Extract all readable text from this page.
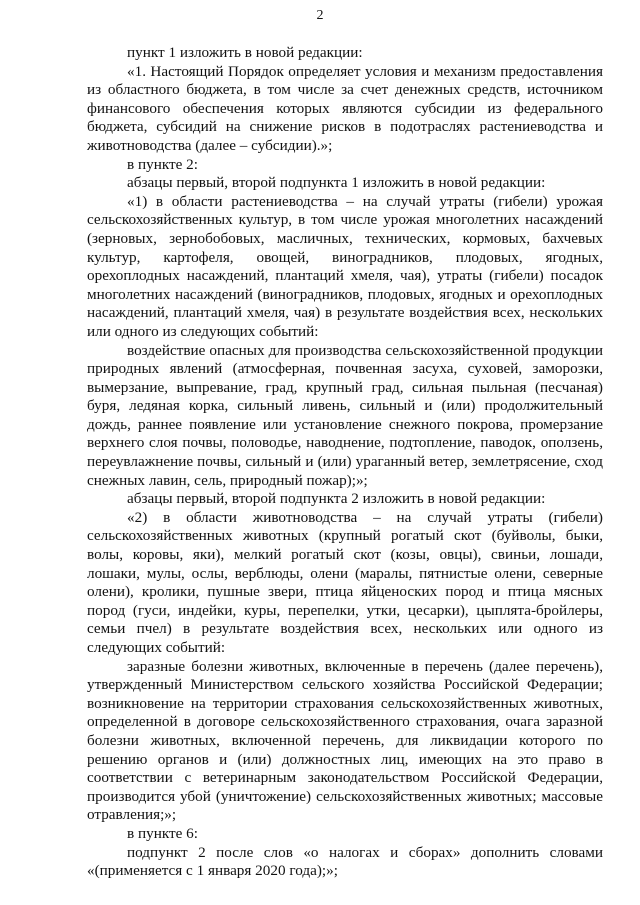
2

пункт 1 изложить в новой редакции:

«1. Настоящий Порядок определяет условия и механизм предоставления из областного бюджета, в том числе за счет денежных средств, источником финансового обеспечения которых являются субсидии из федерального бюджета, субсидий на снижение рисков в подотраслях растениеводства и животноводства (далее – субсидии).»;

в пункте 2:

абзацы первый, второй подпункта 1 изложить в новой редакции:

«1) в области растениеводства – на случай утраты (гибели) урожая сельскохозяйственных культур, в том числе урожая многолетних насаждений (зерновых, зернобобовых, масличных, технических, кормовых, бахчевых культур, картофеля, овощей, виноградников, плодовых, ягодных, орехоплодных насаждений, плантаций хмеля, чая), утраты (гибели) посадок многолетних насаждений (виноградников, плодовых, ягодных и орехоплодных насаждений, плантаций хмеля, чая) в результате воздействия всех, нескольких или одного из следующих событий:

воздействие опасных для производства сельскохозяйственной продукции природных явлений (атмосферная, почвенная засуха, суховей, заморозки, вымерзание, выпревание, град, крупный град, сильная пыльная (песчаная) буря, ледяная корка, сильный ливень, сильный и (или) продолжительный дождь, раннее появление или установление снежного покрова, промерзание верхнего слоя почвы, половодье, наводнение, подтопление, паводок, оползень, переувлажнение почвы, сильный и (или) ураганный ветер, землетрясение, сход снежных лавин, сель, природный пожар);»;

абзацы первый, второй подпункта 2 изложить в новой редакции:

«2) в области животноводства – на случай утраты (гибели) сельскохозяйственных животных (крупный рогатый скот (буйволы, быки, волы, коровы, яки), мелкий рогатый скот (козы, овцы), свиньи, лошади, лошаки, мулы, ослы, верблюды, олени (маралы, пятнистые олени, северные олени), кролики, пушные звери, птица яйценоских пород и птица мясных пород (гуси, индейки, куры, перепелки, утки, цесарки), цыплята-бройлеры, семьи пчел) в результате воздействия всех, нескольких или одного из следующих событий:

заразные болезни животных, включенные в перечень (далее перечень), утвержденный Министерством сельского хозяйства Российской Федерации; возникновение на территории страхования сельскохозяйственных животных, определенной в договоре сельскохозяйственного страхования, очага заразной болезни животных, включенной перечень, для ликвидации которого по решению органов и (или) должностных лиц, имеющих на это право в соответствии с ветеринарным законодательством Российской Федерации, производится убой (уничтожение) сельскохозяйственных животных; массовые отравления;»;

в пункте 6:

подпункт 2 после слов «о налогах и сборах» дополнить словами «(применяется с 1 января 2020 года);»;
